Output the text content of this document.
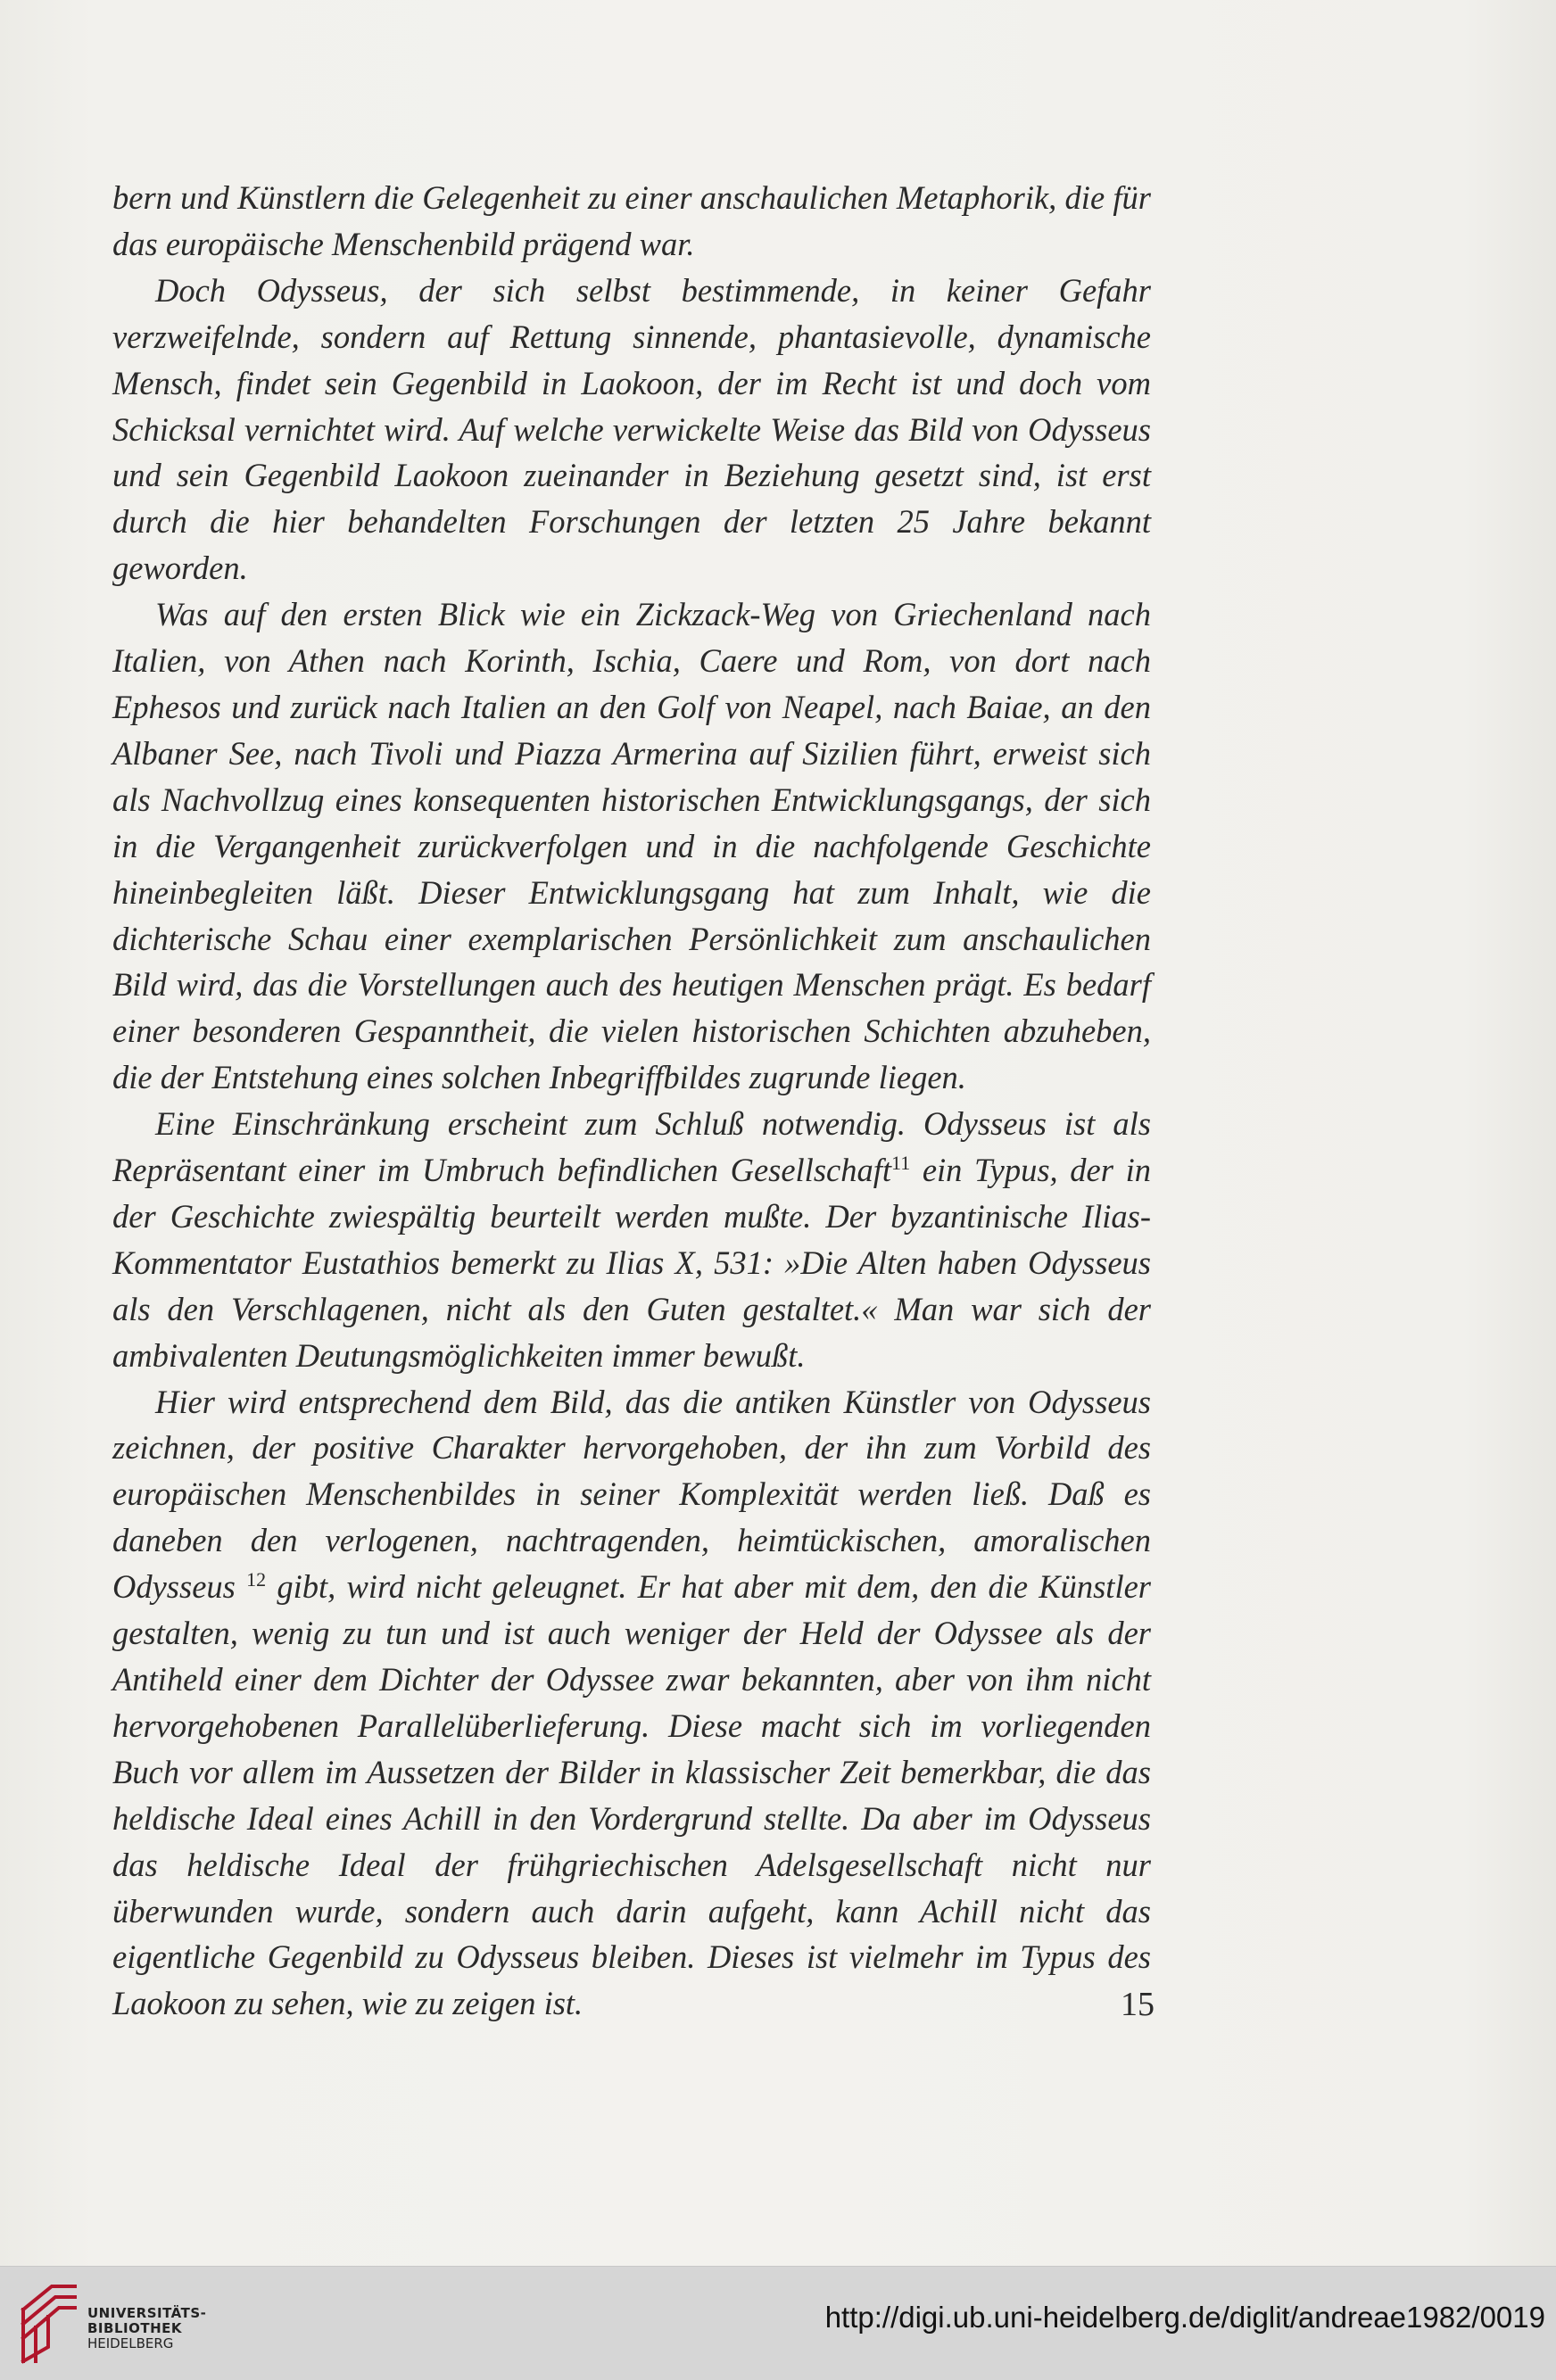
bern und Künstlern die Gelegenheit zu einer anschaulichen Metaphorik, die für das europäische Menschenbild prägend war.

Doch Odysseus, der sich selbst bestimmende, in keiner Gefahr verzweifelnde, sondern auf Rettung sinnende, phantasievolle, dynamische Mensch, findet sein Gegenbild in Laokoon, der im Recht ist und doch vom Schicksal vernichtet wird. Auf welche verwickelte Weise das Bild von Odysseus und sein Gegenbild Laokoon zueinander in Beziehung gesetzt sind, ist erst durch die hier behandelten Forschungen der letzten 25 Jahre bekannt geworden.

Was auf den ersten Blick wie ein Zickzack-Weg von Griechenland nach Italien, von Athen nach Korinth, Ischia, Caere und Rom, von dort nach Ephesos und zurück nach Italien an den Golf von Neapel, nach Baiae, an den Albaner See, nach Tivoli und Piazza Armerina auf Sizilien führt, erweist sich als Nachvollzug eines konsequenten historischen Entwicklungsgangs, der sich in die Vergangenheit zurückverfolgen und in die nachfolgende Geschichte hineinbegleiten läßt. Dieser Entwicklungsgang hat zum Inhalt, wie die dichterische Schau einer exemplarischen Persönlichkeit zum anschaulichen Bild wird, das die Vorstellungen auch des heutigen Menschen prägt. Es bedarf einer besonderen Gespanntheit, die vielen historischen Schichten abzuheben, die der Entstehung eines solchen Inbegriffbildes zugrunde liegen.

Eine Einschränkung erscheint zum Schluß notwendig. Odysseus ist als Repräsentant einer im Umbruch befindlichen Gesellschaft$^{11}$ ein Typus, der in der Geschichte zwiespältig beurteilt werden mußte. Der byzantinische Ilias-Kommentator Eustathios bemerkt zu Ilias X, 531: »Die Alten haben Odysseus als den Verschlagenen, nicht als den Guten gestaltet.« Man war sich der ambivalenten Deutungsmöglichkeiten immer bewußt.

Hier wird entsprechend dem Bild, das die antiken Künstler von Odysseus zeichnen, der positive Charakter hervorgehoben, der ihn zum Vorbild des europäischen Menschenbildes in seiner Komplexität werden ließ. Daß es daneben den verlogenen, nachtragenden, heimtückischen, amoralischen Odysseus $^{12}$ gibt, wird nicht geleugnet. Er hat aber mit dem, den die Künstler gestalten, wenig zu tun und ist auch weniger der Held der Odyssee als der Antiheld einer dem Dichter der Odyssee zwar bekannten, aber von ihm nicht hervorgehobenen Parallelüberlieferung. Diese macht sich im vorliegenden Buch vor allem im Aussetzen der Bilder in klassischer Zeit bemerkbar, die das heldische Ideal eines Achill in den Vordergrund stellte. Da aber im Odysseus das heldische Ideal der frühgriechischen Adelsgesellschaft nicht nur überwunden wurde, sondern auch darin aufgeht, kann Achill nicht das eigentliche Gegenbild zu Odysseus bleiben. Dieses ist vielmehr im Typus des Laokoon zu sehen, wie zu zeigen ist.	15
UNIVERSITÄTS-
BIBLIOTHEK
HEIDELBERG
http://digi.ub.uni-heidelberg.de/diglit/andreae1982/0019
